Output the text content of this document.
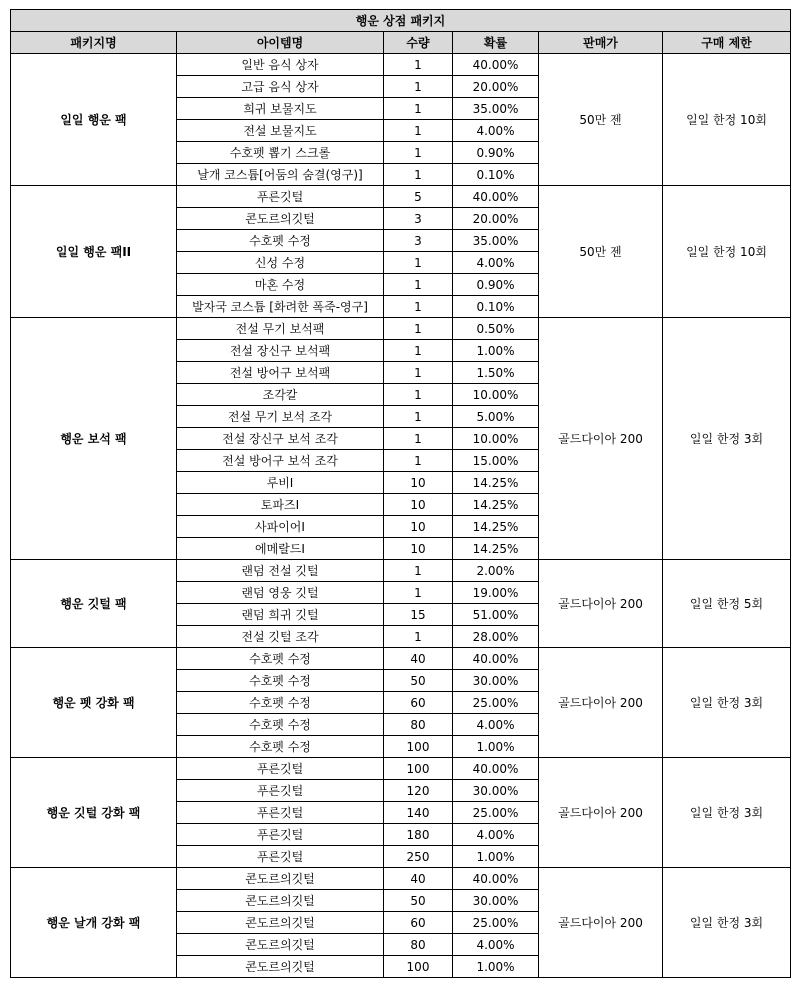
행운 상점 패키지					
패키지명	아이템명	수량	확률	판매가	구매 제한
일일 행운 팩	일반 음식 상자	1	40.00%	50만 젠	일일 한정 10회
	고급 음식 상자	1	20.00%		
	희귀 보물지도	1	35.00%		
	전설 보물지도	1	4.00%		
	수호펫 뽑기 스크롤	1	0.90%		
	날개 코스튬[어둠의 숨결(영구)]	1	0.10%		
일일 행운 팩II	푸른깃털	5	40.00%	50만 젠	일일 한정 10회
	콘도르의깃털	3	20.00%		
	수호펫 수정	3	35.00%		
	신성 수정	1	4.00%		
	마혼 수정	1	0.90%		
	발자국 코스튬 [화려한 폭죽-영구]	1	0.10%		
행운 보석 팩	전설 무기 보석팩	1	0.50%	골드다이아 200	일일 한정 3회
	전설 장신구 보석팩	1	1.00%		
	전설 방어구 보석팩	1	1.50%		
	조각칼	1	10.00%		
	전설 무기 보석 조각	1	5.00%		
	전설 장신구 보석 조각	1	10.00%		
	전설 방어구 보석 조각	1	15.00%		
	루비I	10	14.25%		
	토파즈I	10	14.25%		
	사파이어I	10	14.25%		
	에메랄드I	10	14.25%		
행운 깃털 팩	랜덤 전설 깃털	1	2.00%	골드다이아 200	일일 한정 5회
	랜덤 영웅 깃털	1	19.00%		
	랜덤 희귀 깃털	15	51.00%		
	전설 깃털 조각	1	28.00%		
행운 펫 강화 팩	수호펫 수정	40	40.00%	골드다이아 200	일일 한정 3회
	수호펫 수정	50	30.00%		
	수호펫 수정	60	25.00%		
	수호펫 수정	80	4.00%		
	수호펫 수정	100	1.00%		
행운 깃털 강화 팩	푸른깃털	100	40.00%	골드다이아 200	일일 한정 3회
	푸른깃털	120	30.00%		
	푸른깃털	140	25.00%		
	푸른깃털	180	4.00%		
	푸른깃털	250	1.00%		
행운 날개 강화 팩	콘도르의깃털	40	40.00%	골드다이아 200	일일 한정 3회
	콘도르의깃털	50	30.00%		
	콘도르의깃털	60	25.00%		
	콘도르의깃털	80	4.00%		
	콘도르의깃털	100	1.00%		
